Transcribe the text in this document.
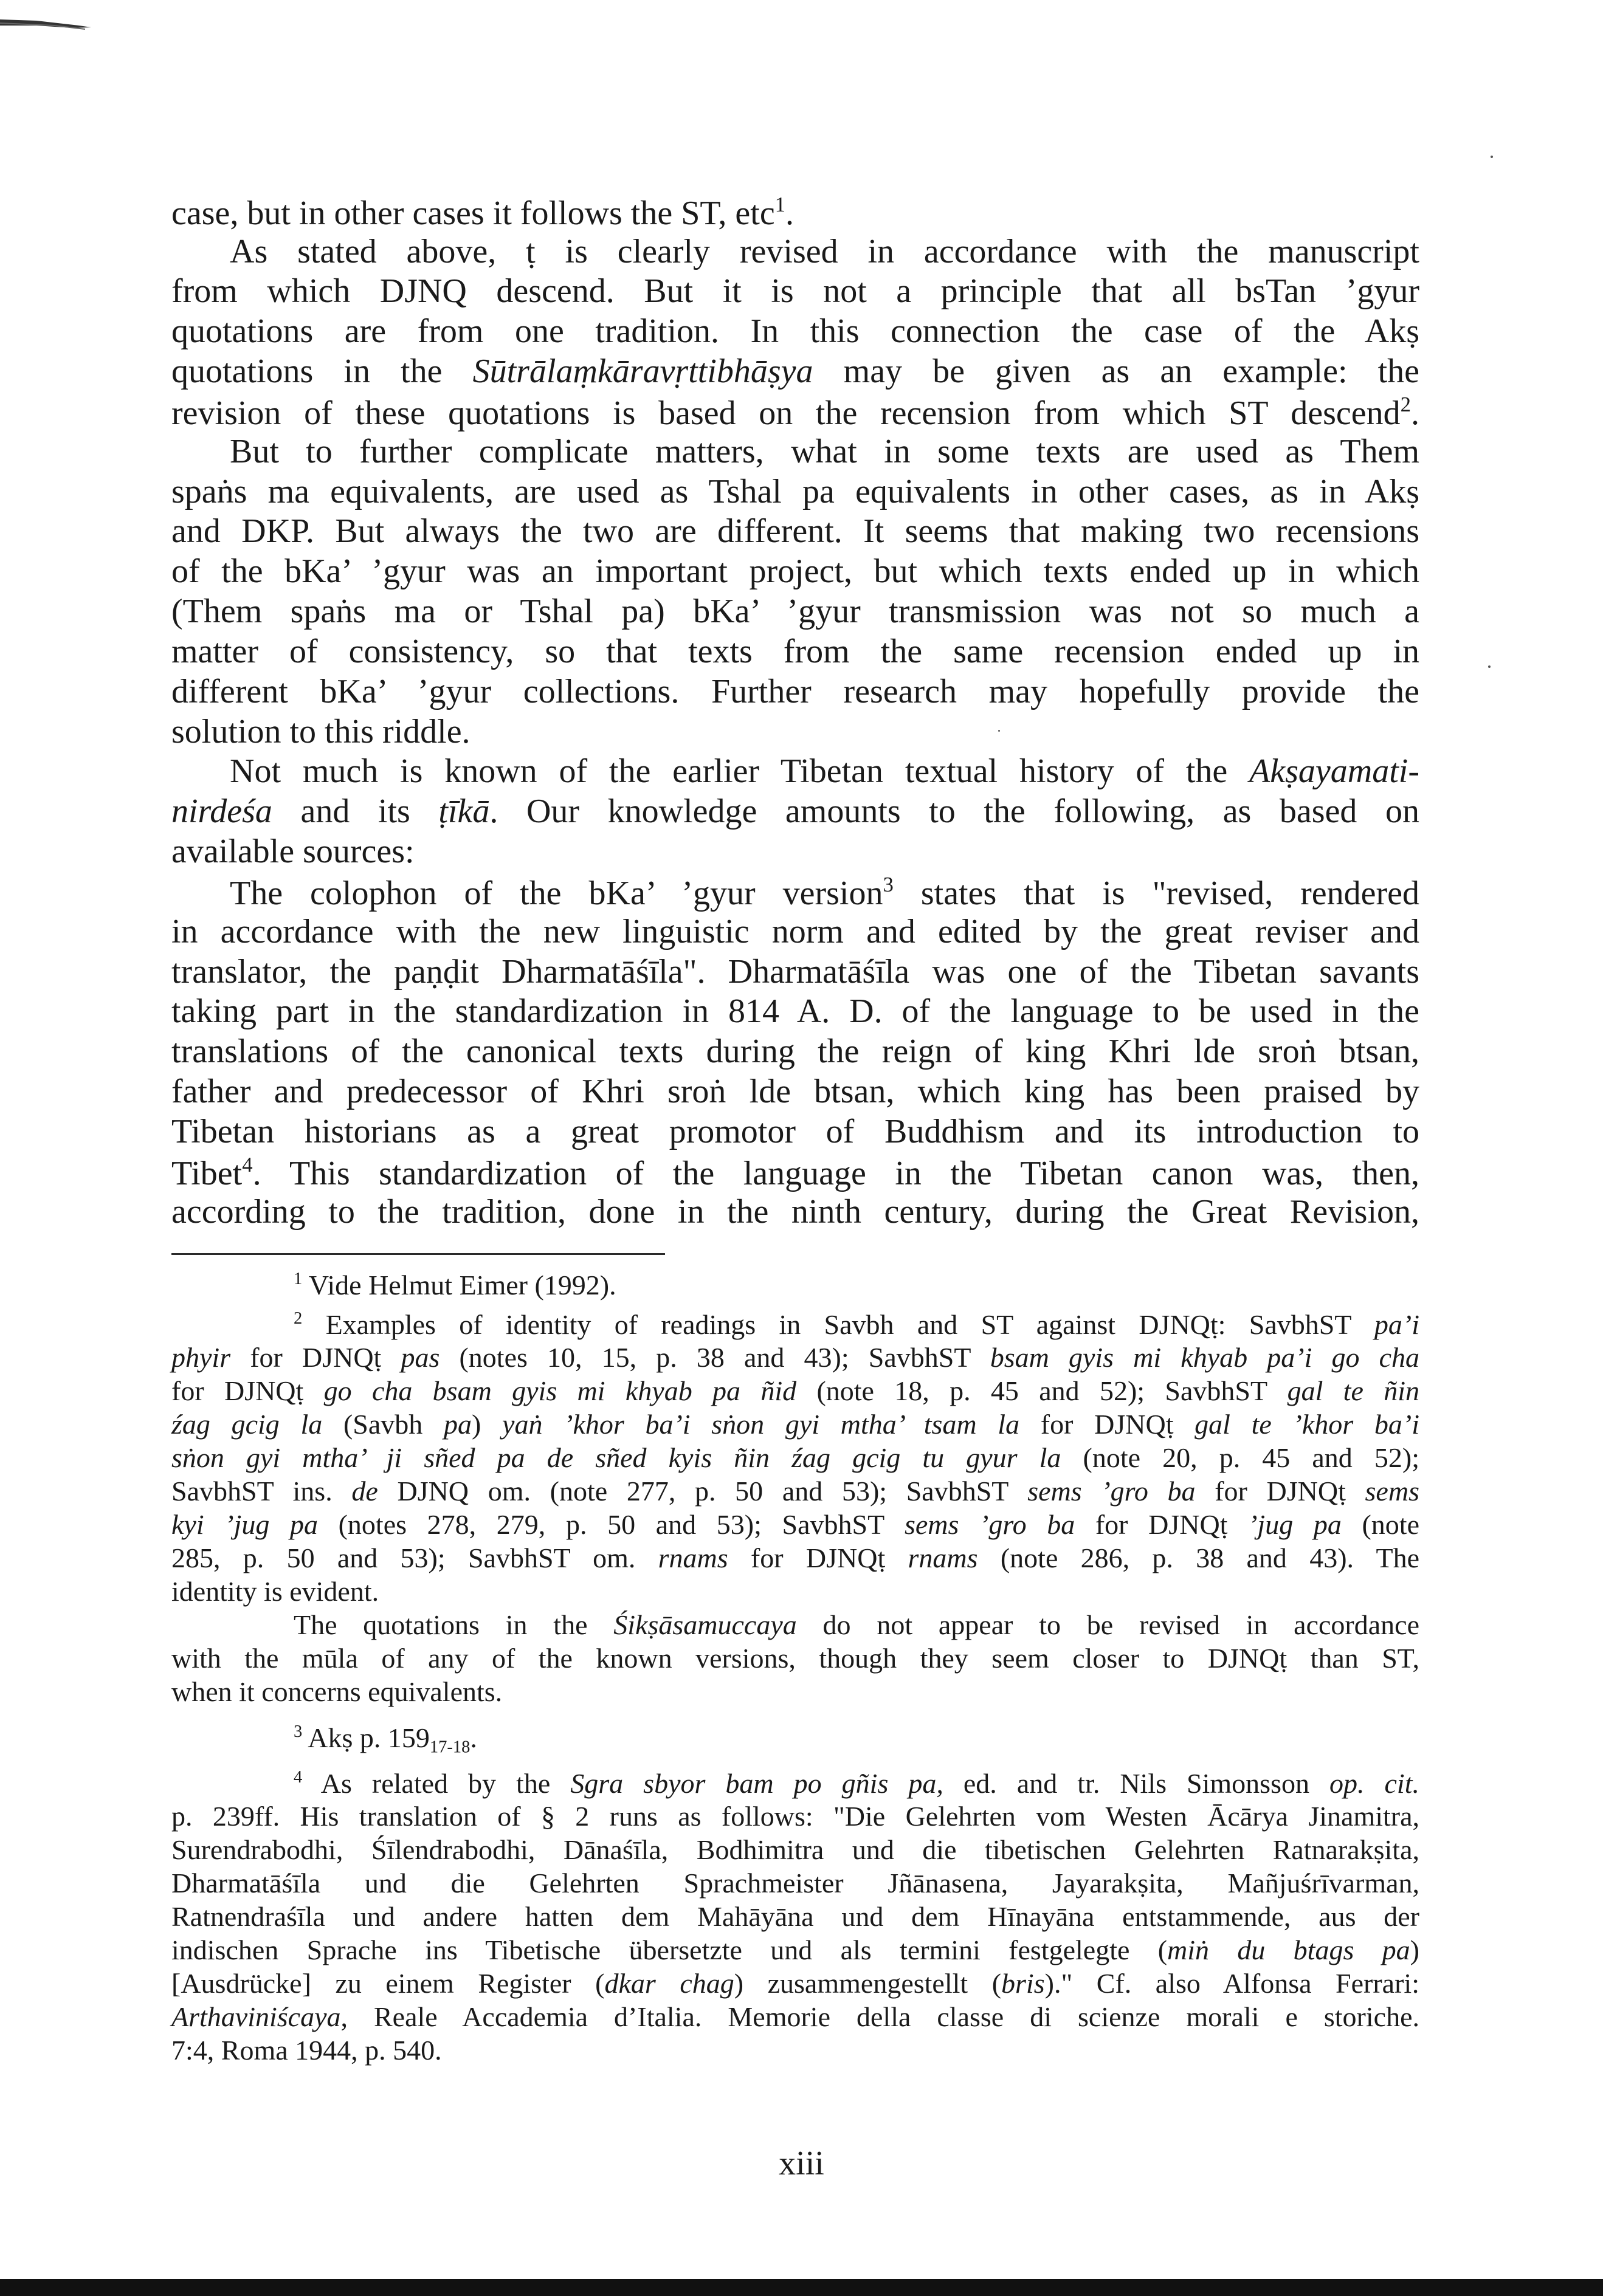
case, but in other cases it follows the ST, etc$^1$.
As stated above, ṭ is clearly revised in accordance with the manuscript
from which DJNQ descend. But it is not a principle that all bsTan ’gyur
quotations are from one tradition. In this connection the case of the Akṣ
quotations in the Sūtrālaṃkāravṛttibhāṣya may be given as an example: the
revision of these quotations is based on the recension from which ST descend$^2$.
But to further complicate matters, what in some texts are used as Them
spaṅs ma equivalents, are used as Tshal pa equivalents in other cases, as in Akṣ
and DKP. But always the two are different. It seems that making two recensions
of the bKa’ ’gyur was an important project, but which texts ended up in which
(Them spaṅs ma or Tshal pa) bKa’ ’gyur transmission was not so much a
matter of consistency, so that texts from the same recension ended up in
different bKa’ ’gyur collections. Further research may hopefully provide the
solution to this riddle.
Not much is known of the earlier Tibetan textual history of the Akṣayamati-
nirdeśa and its ṭīkā. Our knowledge amounts to the following, as based on
available sources:
The colophon of the bKa’ ’gyur version$^3$ states that is "revised, rendered
in accordance with the new linguistic norm and edited by the great reviser and
translator, the paṇḍit Dharmatāśīla". Dharmatāśīla was one of the Tibetan savants
taking part in the standardization in 814 A. D. of the language to be used in the
translations of the canonical texts during the reign of king Khri lde sroṅ btsan,
father and predecessor of Khri sroṅ lde btsan, which king has been praised by
Tibetan historians as a great promotor of Buddhism and its introduction to
Tibet$^4$. This standardization of the language in the Tibetan canon was, then,
according to the tradition, done in the ninth century, during the Great Revision,
$^1$ Vide Helmut Eimer (1992).
$^2$ Examples of identity of readings in Savbh and ST against DJNQṭ: SavbhST pa’i
phyir for DJNQṭ pas (notes 10, 15, p. 38 and 43); SavbhST bsam gyis mi khyab pa’i go cha
for DJNQṭ go cha bsam gyis mi khyab pa ñid (note 18, p. 45 and 52); SavbhST gal te ñin
źag gcig la (Savbh pa) yaṅ ’khor ba’i sṅon gyi mtha’ tsam la for DJNQṭ gal te ’khor ba’i
sṅon gyi mtha’ ji sñed pa de sñed kyis ñin źag gcig tu gyur la (note 20, p. 45 and 52);
SavbhST ins. de DJNQ om. (note 277, p. 50 and 53); SavbhST sems ’gro ba for DJNQṭ sems
kyi ’jug pa (notes 278, 279, p. 50 and 53); SavbhST sems ’gro ba for DJNQṭ ’jug pa (note
285, p. 50 and 53); SavbhST om. rnams for DJNQṭ rnams (note 286, p. 38 and 43). The
identity is evident.
The quotations in the Śikṣāsamuccaya do not appear to be revised in accordance
with the mūla of any of the known versions, though they seem closer to DJNQṭ than ST,
when it concerns equivalents.
$^3$ Akṣ p. $159_{17-18}$.
$^4$ As related by the Sgra sbyor bam po gñis pa, ed. and tr. Nils Simonsson op. cit.
p. 239ff. His translation of § 2 runs as follows: "Die Gelehrten vom Westen Ācārya Jinamitra,
Surendrabodhi, Śīlendrabodhi, Dānaśīla, Bodhimitra und die tibetischen Gelehrten Ratnarakṣita,
Dharmatāśīla und die Gelehrten Sprachmeister Jñānasena, Jayarakṣita, Mañjuśrīvarman,
Ratnendraśīla und andere hatten dem Mahāyāna und dem Hīnayāna entstammende, aus der
indischen Sprache ins Tibetische übersetzte und als termini festgelegte (miṅ du btags pa)
[Ausdrücke] zu einem Register (dkar chag) zusammengestellt (bris)." Cf. also Alfonsa Ferrari:
Arthaviniścaya, Reale Accademia d’Italia. Memorie della classe di scienze morali e storiche.
7:4, Roma 1944, p. 540.
xiii
